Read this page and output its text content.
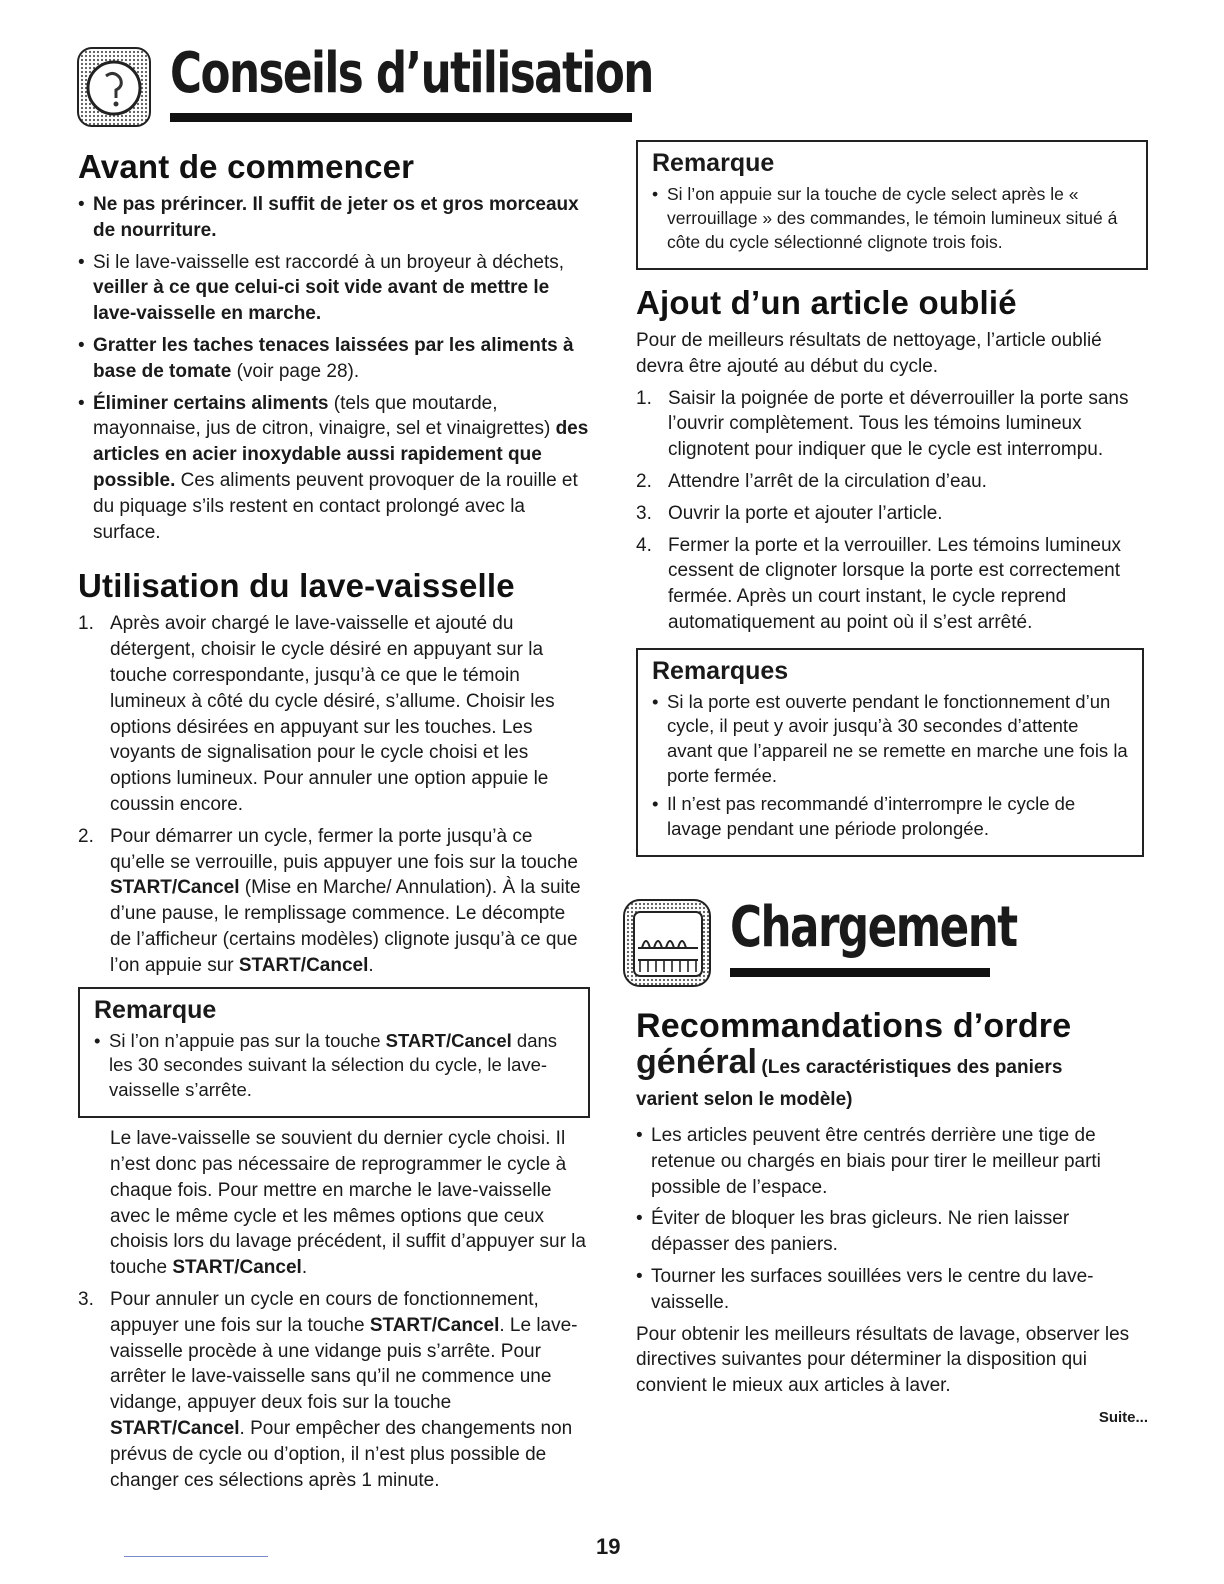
Conseils d’utilisation
Avant de commencer
• Ne pas prérincer. Il suffit de jeter os et gros morceaux de nourriture.
• Si le lave-vaisselle est raccordé à un broyeur à déchets, veiller à ce que celui-ci soit vide avant de mettre le lave-vaisselle en marche.
• Gratter les taches tenaces laissées par les aliments à base de tomate (voir page 28).
• Éliminer certains aliments (tels que moutarde, mayonnaise, jus de citron, vinaigre, sel et vinaigrettes) des articles en acier inoxydable aussi rapidement que possible. Ces aliments peuvent provoquer de la rouille et du piquage s’ils restent en contact prolongé avec la surface.
Utilisation du lave-vaisselle
1. Après avoir chargé le lave-vaisselle et ajouté du détergent, choisir le cycle désiré en appuyant sur la touche correspondante, jusqu’à ce que le témoin lumineux à côté du cycle désiré, s’allume. Choisir les options désirées en appuyant sur les touches. Les voyants de signalisation pour le cycle choisi et les options lumineux. Pour annuler une option appuie le coussin encore.
2. Pour démarrer un cycle, fermer la porte jusqu’à ce qu’elle se verrouille, puis appuyer une fois sur la touche START/Cancel (Mise en Marche/ Annulation). À la suite d’une pause, le remplissage commence. Le décompte de l’afficheur (certains modèles) clignote jusqu’à ce que l’on appuie sur START/Cancel.
Remarque
• Si l’on n’appuie pas sur la touche START/Cancel dans les 30 secondes suivant la sélection du cycle, le lave-vaisselle s’arrête.

Le lave-vaisselle se souvient du dernier cycle choisi. Il n’est donc pas nécessaire de reprogrammer le cycle à chaque fois. Pour mettre en marche le lave-vaisselle avec le même cycle et les mêmes options que ceux choisis lors du lavage précédent, il suffit d’appuyer sur la touche START/Cancel.

3. Pour annuler un cycle en cours de fonctionnement, appuyer une fois sur la touche START/Cancel. Le lave-vaisselle procède à une vidange puis s’arrête. Pour arrêter le lave-vaisselle sans qu’il ne commence une vidange, appuyer deux fois sur la touche START/Cancel. Pour empêcher des changements non prévus de cycle ou d’option, il n’est plus possible de changer ces sélections après 1 minute.
Remarque
• Si l’on appuie sur la touche de cycle select après le « verrouillage » des commandes, le témoin lumineux situé á côte du cycle sélectionné clignote trois fois.
Ajout d’un article oublié

Pour de meilleurs résultats de nettoyage, l’article oublié devra être ajouté au début du cycle.

1. Saisir la poignée de porte et déverrouiller la porte sans l’ouvrir complètement. Tous les témoins lumineux clignotent pour indiquer que le cycle est interrompu.
2. Attendre l’arrêt de la circulation d’eau.
3. Ouvrir la porte et ajouter l’article.
4. Fermer la porte et la verrouiller. Les témoins lumineux cessent de clignoter lorsque la porte est correctement fermée. Après un court instant, le cycle reprend automatiquement au point où il s’est arrêté.
Remarques
• Si la porte est ouverte pendant le fonctionnement d’un cycle, il peut y avoir jusqu’à 30 secondes d’attente avant que l’appareil ne se remette en marche une fois la porte fermée.
• Il n’est pas recommandé d’interrompre le cycle de lavage pendant une période prolongée.
Chargement
Recommandations d’ordre
général (Les caractéristiques des paniers
varient selon le modèle)
• Les articles peuvent être centrés derrière une tige de retenue ou chargés en biais pour tirer le meilleur parti possible de l’espace.
• Éviter de bloquer les bras gicleurs. Ne rien laisser dépasser des paniers.
• Tourner les surfaces souillées vers le centre du lave-vaisselle.

Pour obtenir les meilleurs résultats de lavage, observer les directives suivantes pour déterminer la disposition qui convient le mieux aux articles à laver.

Suite...
19
